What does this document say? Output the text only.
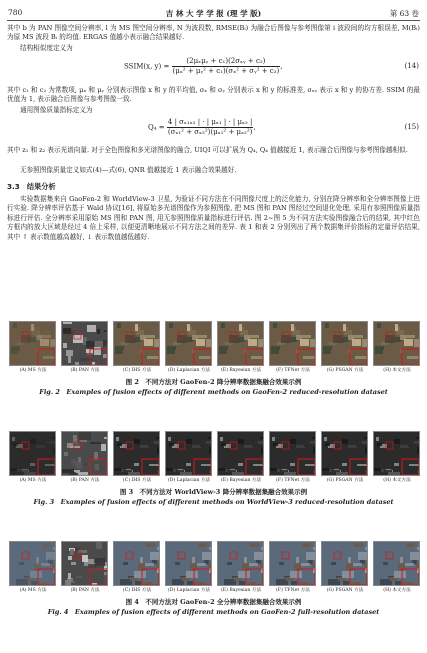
780	吉 林 大 学 学 报 (理 学 版)	第 63 卷
其中 b 为 PAN 图像空间分辨率, l 为 MS 图空间分辨率, N 为波段数, RMSE(Bᵢ) 为融合后图像与参考图像第 i 波段间的均方根误差, M(Bᵢ) 为原 MS 波段 Bᵢ 的均值. ERGAS 值越小表示融合结果越好.
结构相似度定义为
SSIM(x, $y) = \frac{\text{(2μₓμᵧ + c₁)(2σₓᵧ + c₂)}}{\text{(μₓ² + μᵧ² + c₁)(σₓ² + σᵧ² + c₂)}}$ ,	(14)
其中 c₁ 和 c₂ 为常数项, μₓ 和 μᵧ 分别表示图像 x 和 y 的平均值, σₓ 和 σᵧ 分别表示 x 和 y 的标准差, σₓᵧ 表示 x 和 y 的协方差. SSIM 的最优值为 1, 表示融合后图像与参考图像一致.
通用图像质量指标定义为
$Q_4 = \frac{\text{4 | σₓ₁ₓ₂ | · | μₓ₁ | · | μₓ₂ |}}{\text{(σₓ₁² + σₓ₂²)(μₓ₁² + μₓ₂²)}}$ ,	(15)
其中 z₁ 和 z₂ 表示光谱向量. 对于全色图像和多光谱图像的融合, UIQI 可以扩展为 Q₄, Q₄ 值越接近 1, 表示融合后图像与参考图像越相似.
无参照图像质量定义如式(4)—式(6), QNR 值越接近 1 表示融合效果越好.
3.3　结果分析
实验数据集来自 GaoFen-2 和 WorldView-3 卫星, 为验证不同方法在不同图像尺度上的泛化能力, 分别在降分辨率和全分辨率图像上进行实验. 降分辨率评估基于 Wald 协议[16], 将原始多光谱图像作为参照图像, 把 MS 图和 PAN 图经过空间退化处理, 采用有参照图像质量指标进行评估. 全分辨率采用原始 MS 图和 PAN 图, 用无参照图像质量指标进行评估. 图 2~图 5 为不同方法实验图像融合后的结果, 其中红色方框内的放大区域是经过 4 倍上采样, 以便更清晰地展示不同方法之间的差异. 表 1 和表 2 分别列出了两个数据集评价指标的定量评估结果, 其中 ↑ 表示数值越高越好, ↓ 表示数值越低越好.
(A) MS 方法	(B) PAN 方法	(C) IHS 方法	(D) Laplacian 方法	(E) Bayesian 方法	(F) TFNet 方法	(G) PSGAN 方法	(H) 本文方法
图 2　不同方法对 GaoFen-2 降分辨率数据集融合效果示例
Fig. 2　Examples of fusion effects of different methods on GaoFen-2 reduced-resolution dataset
(A) MS 方法	(B) PAN 方法	(C) IHS 方法	(D) Laplacian 方法	(E) Bayesian 方法	(F) TFNet 方法	(G) PSGAN 方法	(H) 本文方法
图 3　不同方法对 WorldView-3 降分辨率数据集融合效果示例
Fig. 3　Examples of fusion effects of different methods on WorldView-3 reduced-resolution dataset
(A) MS 方法	(B) PAN 方法	(C) IHS 方法	(D) Laplacian 方法	(E) Bayesian 方法	(F) TFNet 方法	(G) PSGAN 方法	(H) 本文方法
图 4　不同方法对 GaoFen-2 全分辨率数据集融合效果示例
Fig. 4　Examples of fusion effects of different methods on GaoFen-2 full-resolution dataset
